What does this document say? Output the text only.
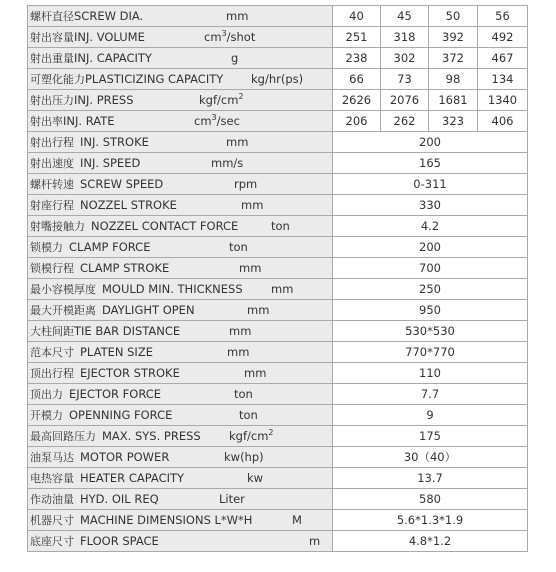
螺杆直径SCREW DIA. mm	40	45	50	56

射出容量INJ. VOLUME $cm^3$/shot	251	318	392	492

射出重量INJ. CAPACITY g	238	302	372	467

可塑化能力PLASTICIZING CAPACITY kg/hr(ps)	66	73	98	134

射出压力INJ. PRESS kgf/$cm^2$	2626	2076	1681	1340

射出率INJ. RATE $cm^3/\sec$	206	262	323	406

射出行程 INJ. STROKE mm	200			

射出速度 INJ. SPEED mm/s	165			

螺杆转速 SCREW SPEED rpm	0-311			

射座行程 NOZZEL STROKE mm	330			

射嘴接触力 NOZZEL CONTACT FORCE ton	4.2			

锁模力 CLAMP FORCE ton	200			

锁模行程 CLAMP STROKE mm	700			

最小容模厚度 MOULD MIN. THICKNESS mm	250			

最大开模距离 DAYLIGHT OPEN mm	950			

大柱间距TIE BAR DISTANCE mm	530*530			

范本尺寸 PLATEN SIZE mm	770*770			

顶出行程 EJECTOR STROKE mm	110			

顶出力 EJECTOR FORCE ton	7.7			

开模力 OPENNING FORCE ton	9			

最高回路压力 MAX. SYS. PRESS kgf/$cm^2$	175			

油泵马达 MOTOR POWER kw(hp)	30（40）			

电热容量 HEATER CAPACITY kw	13.7			

作动油量 HYD. OIL REQ Liter	580			

机器尺寸 MACHINE DIMENSIONS L*W*H M	5.6*1.3*1.9			

底座尺寸 FLOOR SPACE m	4.8*1.2			
